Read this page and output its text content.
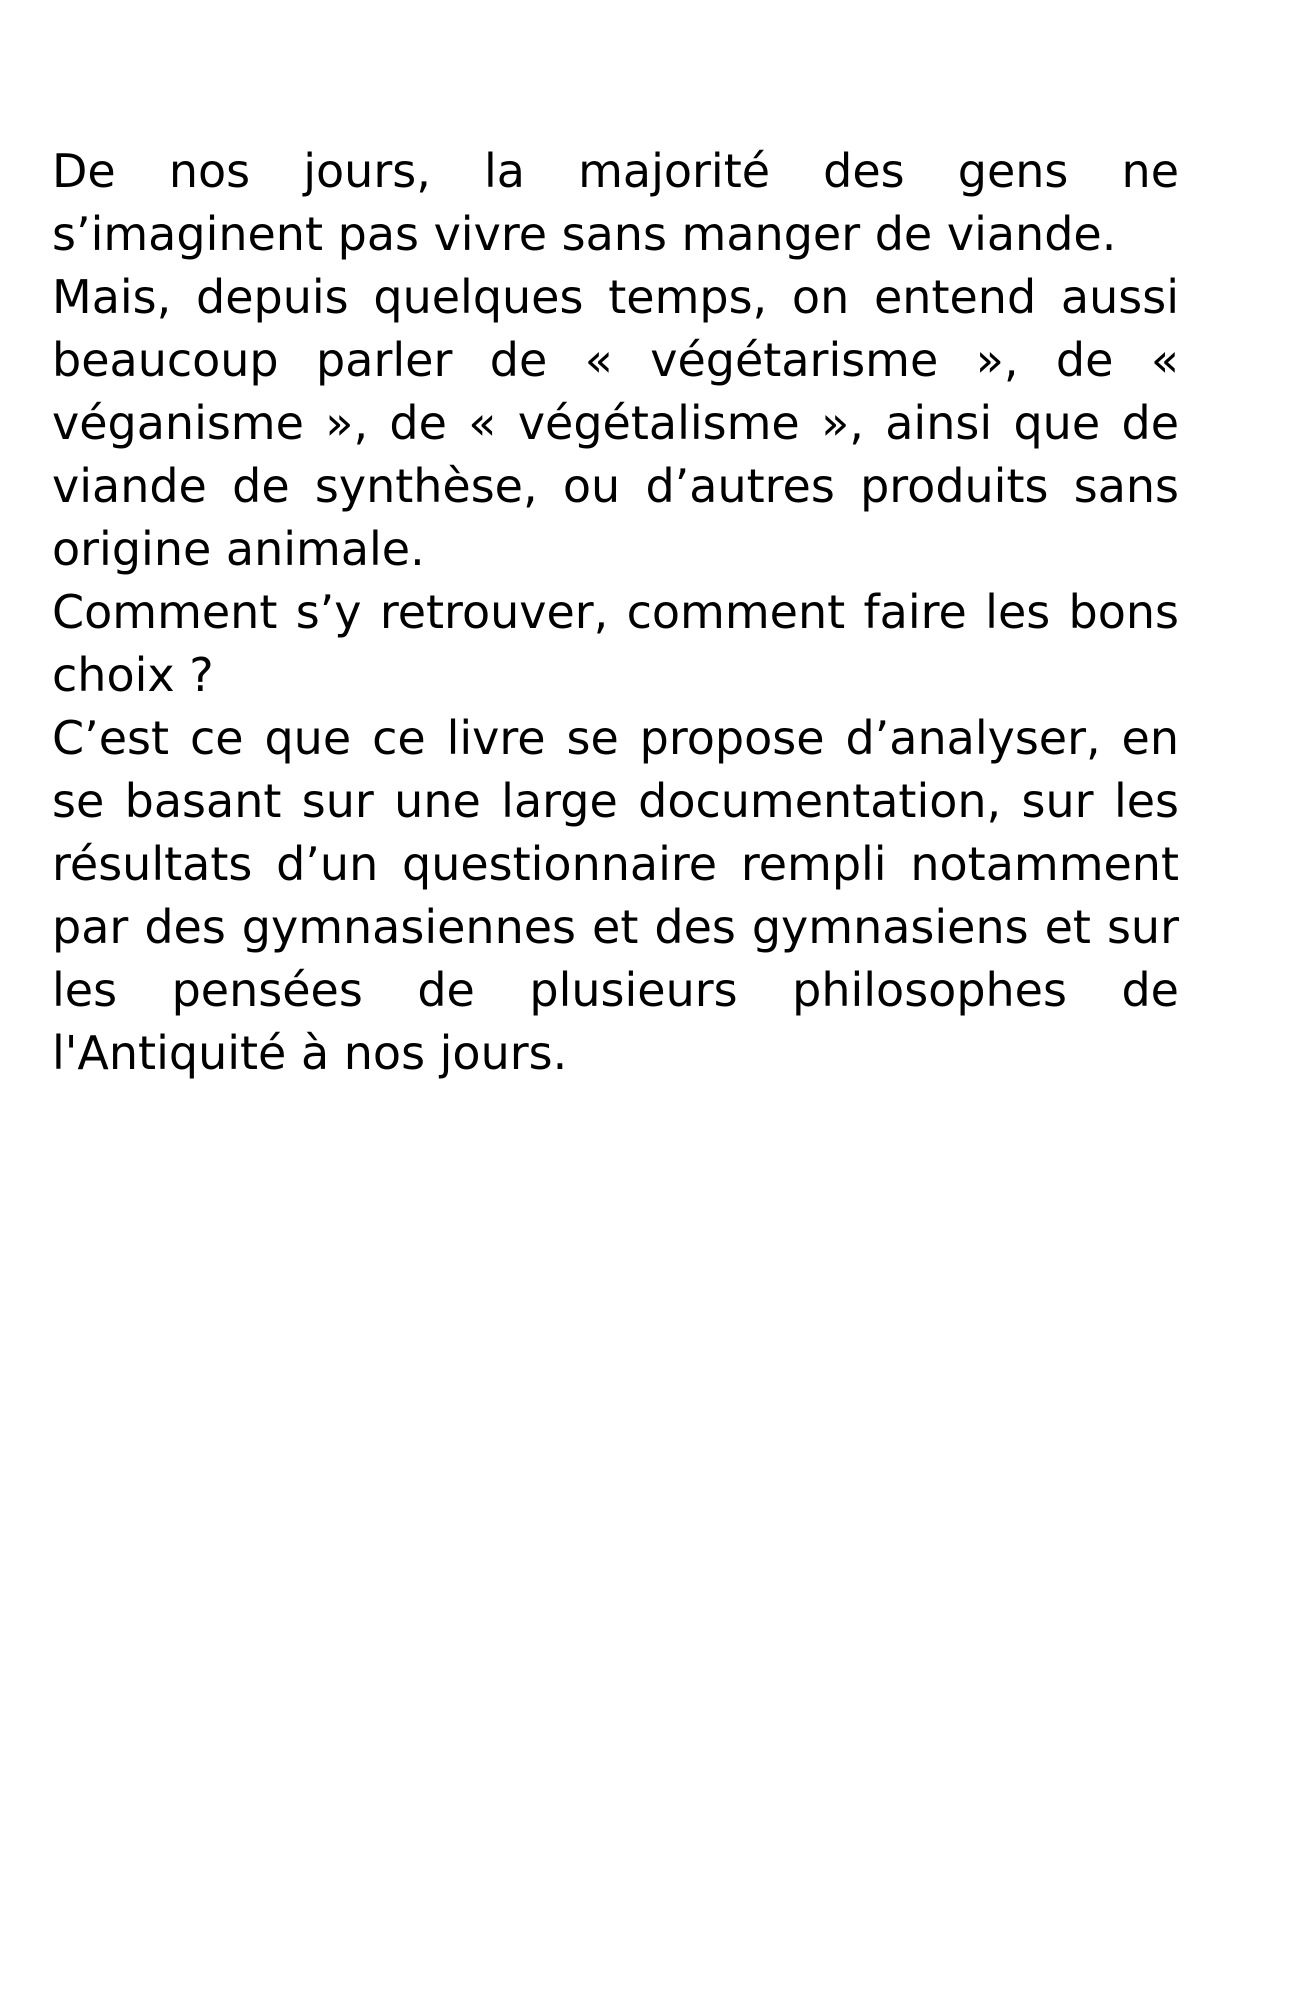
De nos jours, la majorité des gens ne s’imaginent pas vivre sans manger de viande.

Mais, depuis quelques temps, on entend aussi beaucoup parler de « végétarisme », de « véganisme », de « végétalisme », ainsi que de viande de synthèse, ou d’autres produits sans origine animale.

Comment s’y retrouver, comment faire les bons choix ?

C’est ce que ce livre se propose d’analyser, en se basant sur une large documentation, sur les résultats d’un questionnaire rempli notamment par des gymnasiennes et des gymnasiens et sur les pensées de plusieurs philosophes de l'Antiquité à nos jours.
